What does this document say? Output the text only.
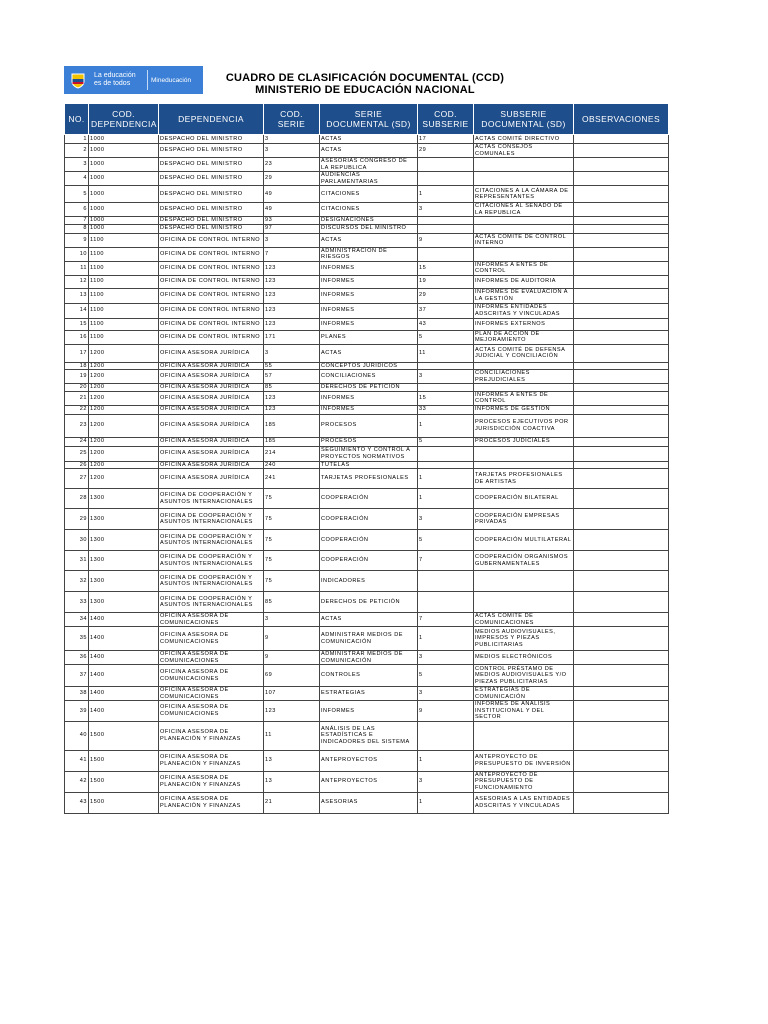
La educación es de todos	Mineducación	CUADRO DE CLASIFICACIÓN DOCUMENTAL (CCD)
MINISTERIO DE EDUCACIÓN NACIONAL
NO.	COD. DEPENDENCIA	DEPENDENCIA	COD. SERIE	SERIE DOCUMENTAL (SD)	COD. SUBSERIE	SUBSERIE DOCUMENTAL (SD)	OBSERVACIONES
1	1000	DESPACHO DEL MINISTRO	3	ACTAS	17	ACTAS COMITÉ DIRECTIVO	
2	1000	DESPACHO DEL MINISTRO	3	ACTAS	29	ACTAS CONSEJOS COMUNALES	
3	1000	DESPACHO DEL MINISTRO	23	ASESORIAS CONGRESO DE LA REPUBLICA			
4	1000	DESPACHO DEL MINISTRO	29	AUDIENCIAS PARLAMENTARIAS			
5	1000	DESPACHO DEL MINISTRO	49	CITACIONES	1	CITACIONES A LA CÁMARA DE REPRESENTANTES	
6	1000	DESPACHO DEL MINISTRO	49	CITACIONES	3	CITACIONES AL SENADO DE LA REPUBLICA	
7	1000	DESPACHO DEL MINISTRO	93	DESIGNACIONES			
8	1000	DESPACHO DEL MINISTRO	97	DISCURSOS DEL MINISTRO			
9	1100	OFICINA DE CONTROL INTERNO	3	ACTAS	9	ACTAS COMITÉ DE CONTROL INTERNO	
10	1100	OFICINA DE CONTROL INTERNO	7	ADMINISTRACIÓN DE RIESGOS			
11	1100	OFICINA DE CONTROL INTERNO	123	INFORMES	15	INFORMES A ENTES DE CONTROL	
12	1100	OFICINA DE CONTROL INTERNO	123	INFORMES	19	INFORMES DE AUDITORIA	
13	1100	OFICINA DE CONTROL INTERNO	123	INFORMES	29	INFORMES DE EVALUACIÓN A LA GESTIÓN	
14	1100	OFICINA DE CONTROL INTERNO	123	INFORMES	37	INFORMES ENTIDADES ADSCRITAS Y VINCULADAS	
15	1100	OFICINA DE CONTROL INTERNO	123	INFORMES	43	INFORMES EXTERNOS	
16	1100	OFICINA DE CONTROL INTERNO	171	PLANES	5	PLAN DE ACCIÓN DE MEJORAMIENTO	
17	1200	OFICINA ASESORA JURÍDICA	3	ACTAS	11	ACTAS COMITÉ DE DEFENSA JUDICIAL Y CONCILIACIÓN	
18	1200	OFICINA ASESORA JURÍDICA	55	CONCEPTOS JURÍDICOS			
19	1200	OFICINA ASESORA JURÍDICA	57	CONCILIACIONES	3	CONCILIACIONES PREJUDICIALES	
20	1200	OFICINA ASESORA JURÍDICA	85	DERECHOS DE PETICIÓN			
21	1200	OFICINA ASESORA JURÍDICA	123	INFORMES	15	INFORMES A ENTES DE CONTROL	
22	1200	OFICINA ASESORA JURÍDICA	123	INFORMES	33	INFORMES DE GESTIÓN	
23	1200	OFICINA ASESORA JURÍDICA	185	PROCESOS	1	PROCESOS EJECUTIVOS POR JURISDICCIÓN COACTIVA	
24	1200	OFICINA ASESORA JURÍDICA	185	PROCESOS	5	PROCESOS JUDICIALES	
25	1200	OFICINA ASESORA JURÍDICA	214	SEGUIMIENTO Y CONTROL A PROYECTOS NORMATIVOS			
26	1200	OFICINA ASESORA JURÍDICA	240	TUTELAS			
27	1200	OFICINA ASESORA JURÍDICA	241	TARJETAS PROFESIONALES	1	TARJETAS PROFESIONALES DE ARTISTAS	
28	1300	OFICINA DE COOPERACIÓN Y ASUNTOS INTERNACIONALES	75	COOPERACIÓN	1	COOPERACIÓN BILATERAL	
29	1300	OFICINA DE COOPERACIÓN Y ASUNTOS INTERNACIONALES	75	COOPERACIÓN	3	COOPERACIÓN EMPRESAS PRIVADAS	
30	1300	OFICINA DE COOPERACIÓN Y ASUNTOS INTERNACIONALES	75	COOPERACIÓN	5	COOPERACIÓN MULTILATERAL	
31	1300	OFICINA DE COOPERACIÓN Y ASUNTOS INTERNACIONALES	75	COOPERACIÓN	7	COOPERACIÓN ORGANISMOS GUBERNAMENTALES	
32	1300	OFICINA DE COOPERACIÓN Y ASUNTOS INTERNACIONALES	75	INDICADORES			
33	1300	OFICINA DE COOPERACIÓN Y ASUNTOS INTERNACIONALES	85	DERECHOS DE PETICIÓN			
34	1400	OFICINA ASESORA DE COMUNICACIONES	3	ACTAS	7	ACTAS COMITÉ DE COMUNICACIONES	
35	1400	OFICINA ASESORA DE COMUNICACIONES	9	ADMINISTRAR MEDIOS DE COMUNICACIÓN	1	MEDIOS AUDIOVISUALES, IMPRESOS Y PIEZAS PUBLICITARIAS	
36	1400	OFICINA ASESORA DE COMUNICACIONES	9	ADMINISTRAR MEDIOS DE COMUNICACIÓN	3	MEDIOS ELECTRÓNICOS	
37	1400	OFICINA ASESORA DE COMUNICACIONES	69	CONTROLES	5	CONTROL PRÉSTAMO DE MEDIOS AUDIOVISUALES Y/O PIEZAS PUBLICITARIAS	
38	1400	OFICINA ASESORA DE COMUNICACIONES	107	ESTRATEGIAS	3	ESTRATEGIAS DE COMUNICACIÓN	
39	1400	OFICINA ASESORA DE COMUNICACIONES	123	INFORMES	9	INFORMES DE ANÁLISIS INSTITUCIONAL Y DEL SECTOR	
40	1500	OFICINA ASESORA DE PLANEACIÓN Y FINANZAS	11	ANÁLISIS DE LAS ESTADÍSTICAS E INDICADORES DEL SISTEMA			
41	1500	OFICINA ASESORA DE PLANEACIÓN Y FINANZAS	13	ANTEPROYECTOS	1	ANTEPROYECTO DE PRESUPUESTO DE INVERSIÓN	
42	1500	OFICINA ASESORA DE PLANEACIÓN Y FINANZAS	13	ANTEPROYECTOS	3	ANTEPROYECTO DE PRESUPUESTO DE FUNCIONAMIENTO	
43	1500	OFICINA ASESORA DE PLANEACIÓN Y FINANZAS	21	ASESORIAS	1	ASESORIAS A LAS ENTIDADES ADSCRITAS Y VINCULADAS	
